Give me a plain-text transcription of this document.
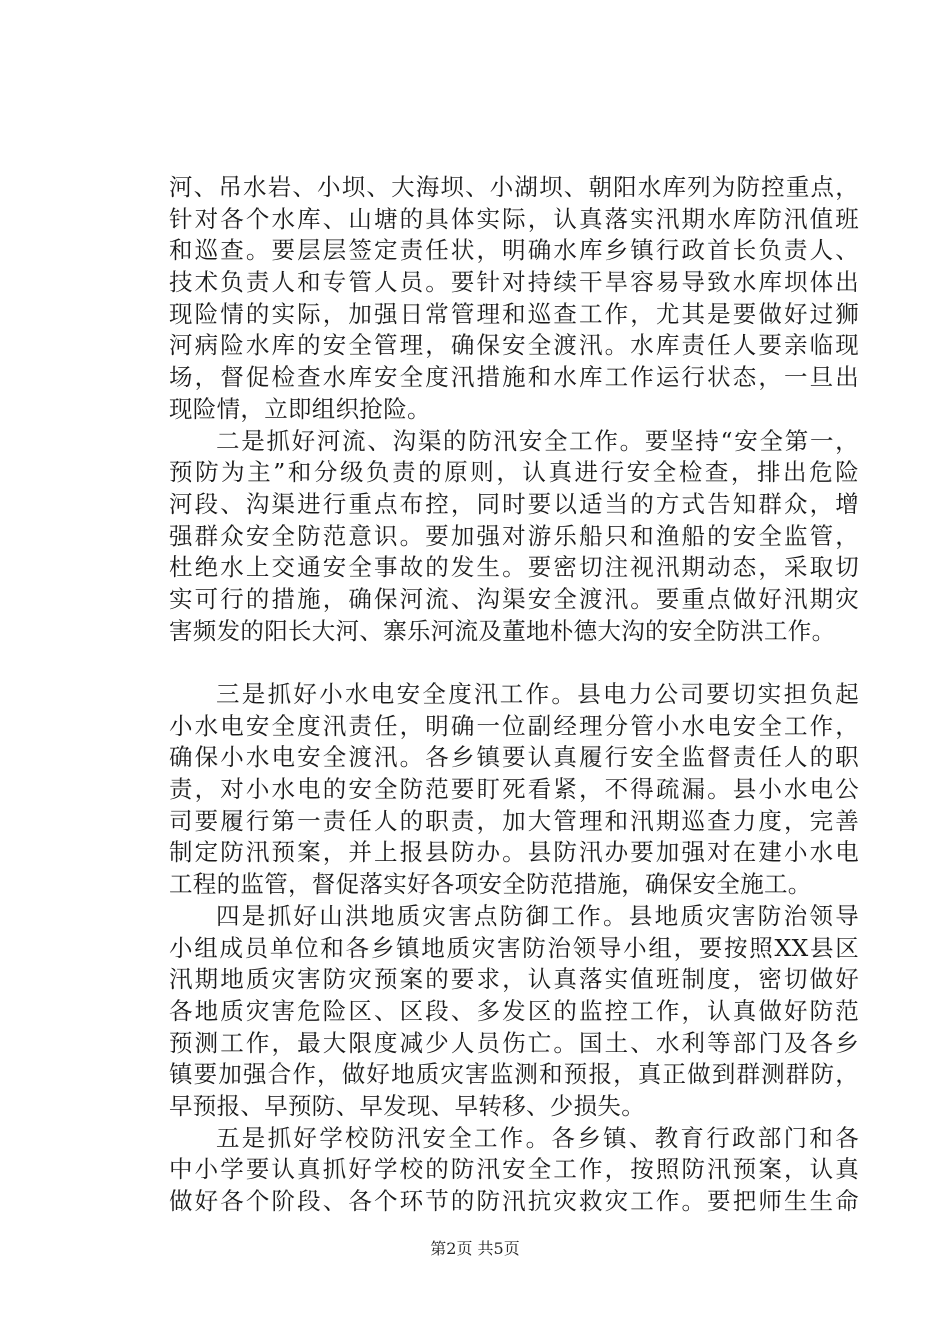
河、吊水岩、小坝、大海坝、小湖坝、朝阳水库列为防控重点，
针对各个水库、山塘的具体实际，认真落实汛期水库防汛值班
和巡查。要层层签定责任状，明确水库乡镇行政首长负责人、
技术负责人和专管人员。要针对持续干旱容易导致水库坝体出
现险情的实际，加强日常管理和巡查工作，尤其是要做好过狮
河病险水库的安全管理，确保安全渡汛。水库责任人要亲临现
场，督促检查水库安全度汛措施和水库工作运行状态，一旦出
现险情，立即组织抢险。
二是抓好河流、沟渠的防汛安全工作。要坚持“安全第一，
预防为主”和分级负责的原则，认真进行安全检查，排出危险
河段、沟渠进行重点布控，同时要以适当的方式告知群众，增
强群众安全防范意识。要加强对游乐船只和渔船的安全监管，
杜绝水上交通安全事故的发生。要密切注视汛期动态，采取切
实可行的措施，确保河流、沟渠安全渡汛。要重点做好汛期灾
害频发的阳长大河、寨乐河流及董地朴德大沟的安全防洪工作。
三是抓好小水电安全度汛工作。县电力公司要切实担负起
小水电安全度汛责任，明确一位副经理分管小水电安全工作，
确保小水电安全渡汛。各乡镇要认真履行安全监督责任人的职
责，对小水电的安全防范要盯死看紧，不得疏漏。县小水电公
司要履行第一责任人的职责，加大管理和汛期巡查力度，完善
制定防汛预案，并上报县防办。县防汛办要加强对在建小水电
工程的监管，督促落实好各项安全防范措施，确保安全施工。
四是抓好山洪地质灾害点防御工作。县地质灾害防治领导
小组成员单位和各乡镇地质灾害防治领导小组，要按照XX县区
汛期地质灾害防灾预案的要求，认真落实值班制度，密切做好
各地质灾害危险区、区段、多发区的监控工作，认真做好防范
预测工作，最大限度减少人员伤亡。国土、水利等部门及各乡
镇要加强合作，做好地质灾害监测和预报，真正做到群测群防，
早预报、早预防、早发现、早转移、少损失。
五是抓好学校防汛安全工作。各乡镇、教育行政部门和各
中小学要认真抓好学校的防汛安全工作，按照防汛预案，认真
做好各个阶段、各个环节的防汛抗灾救灾工作。要把师生生命
第2页 共5页
